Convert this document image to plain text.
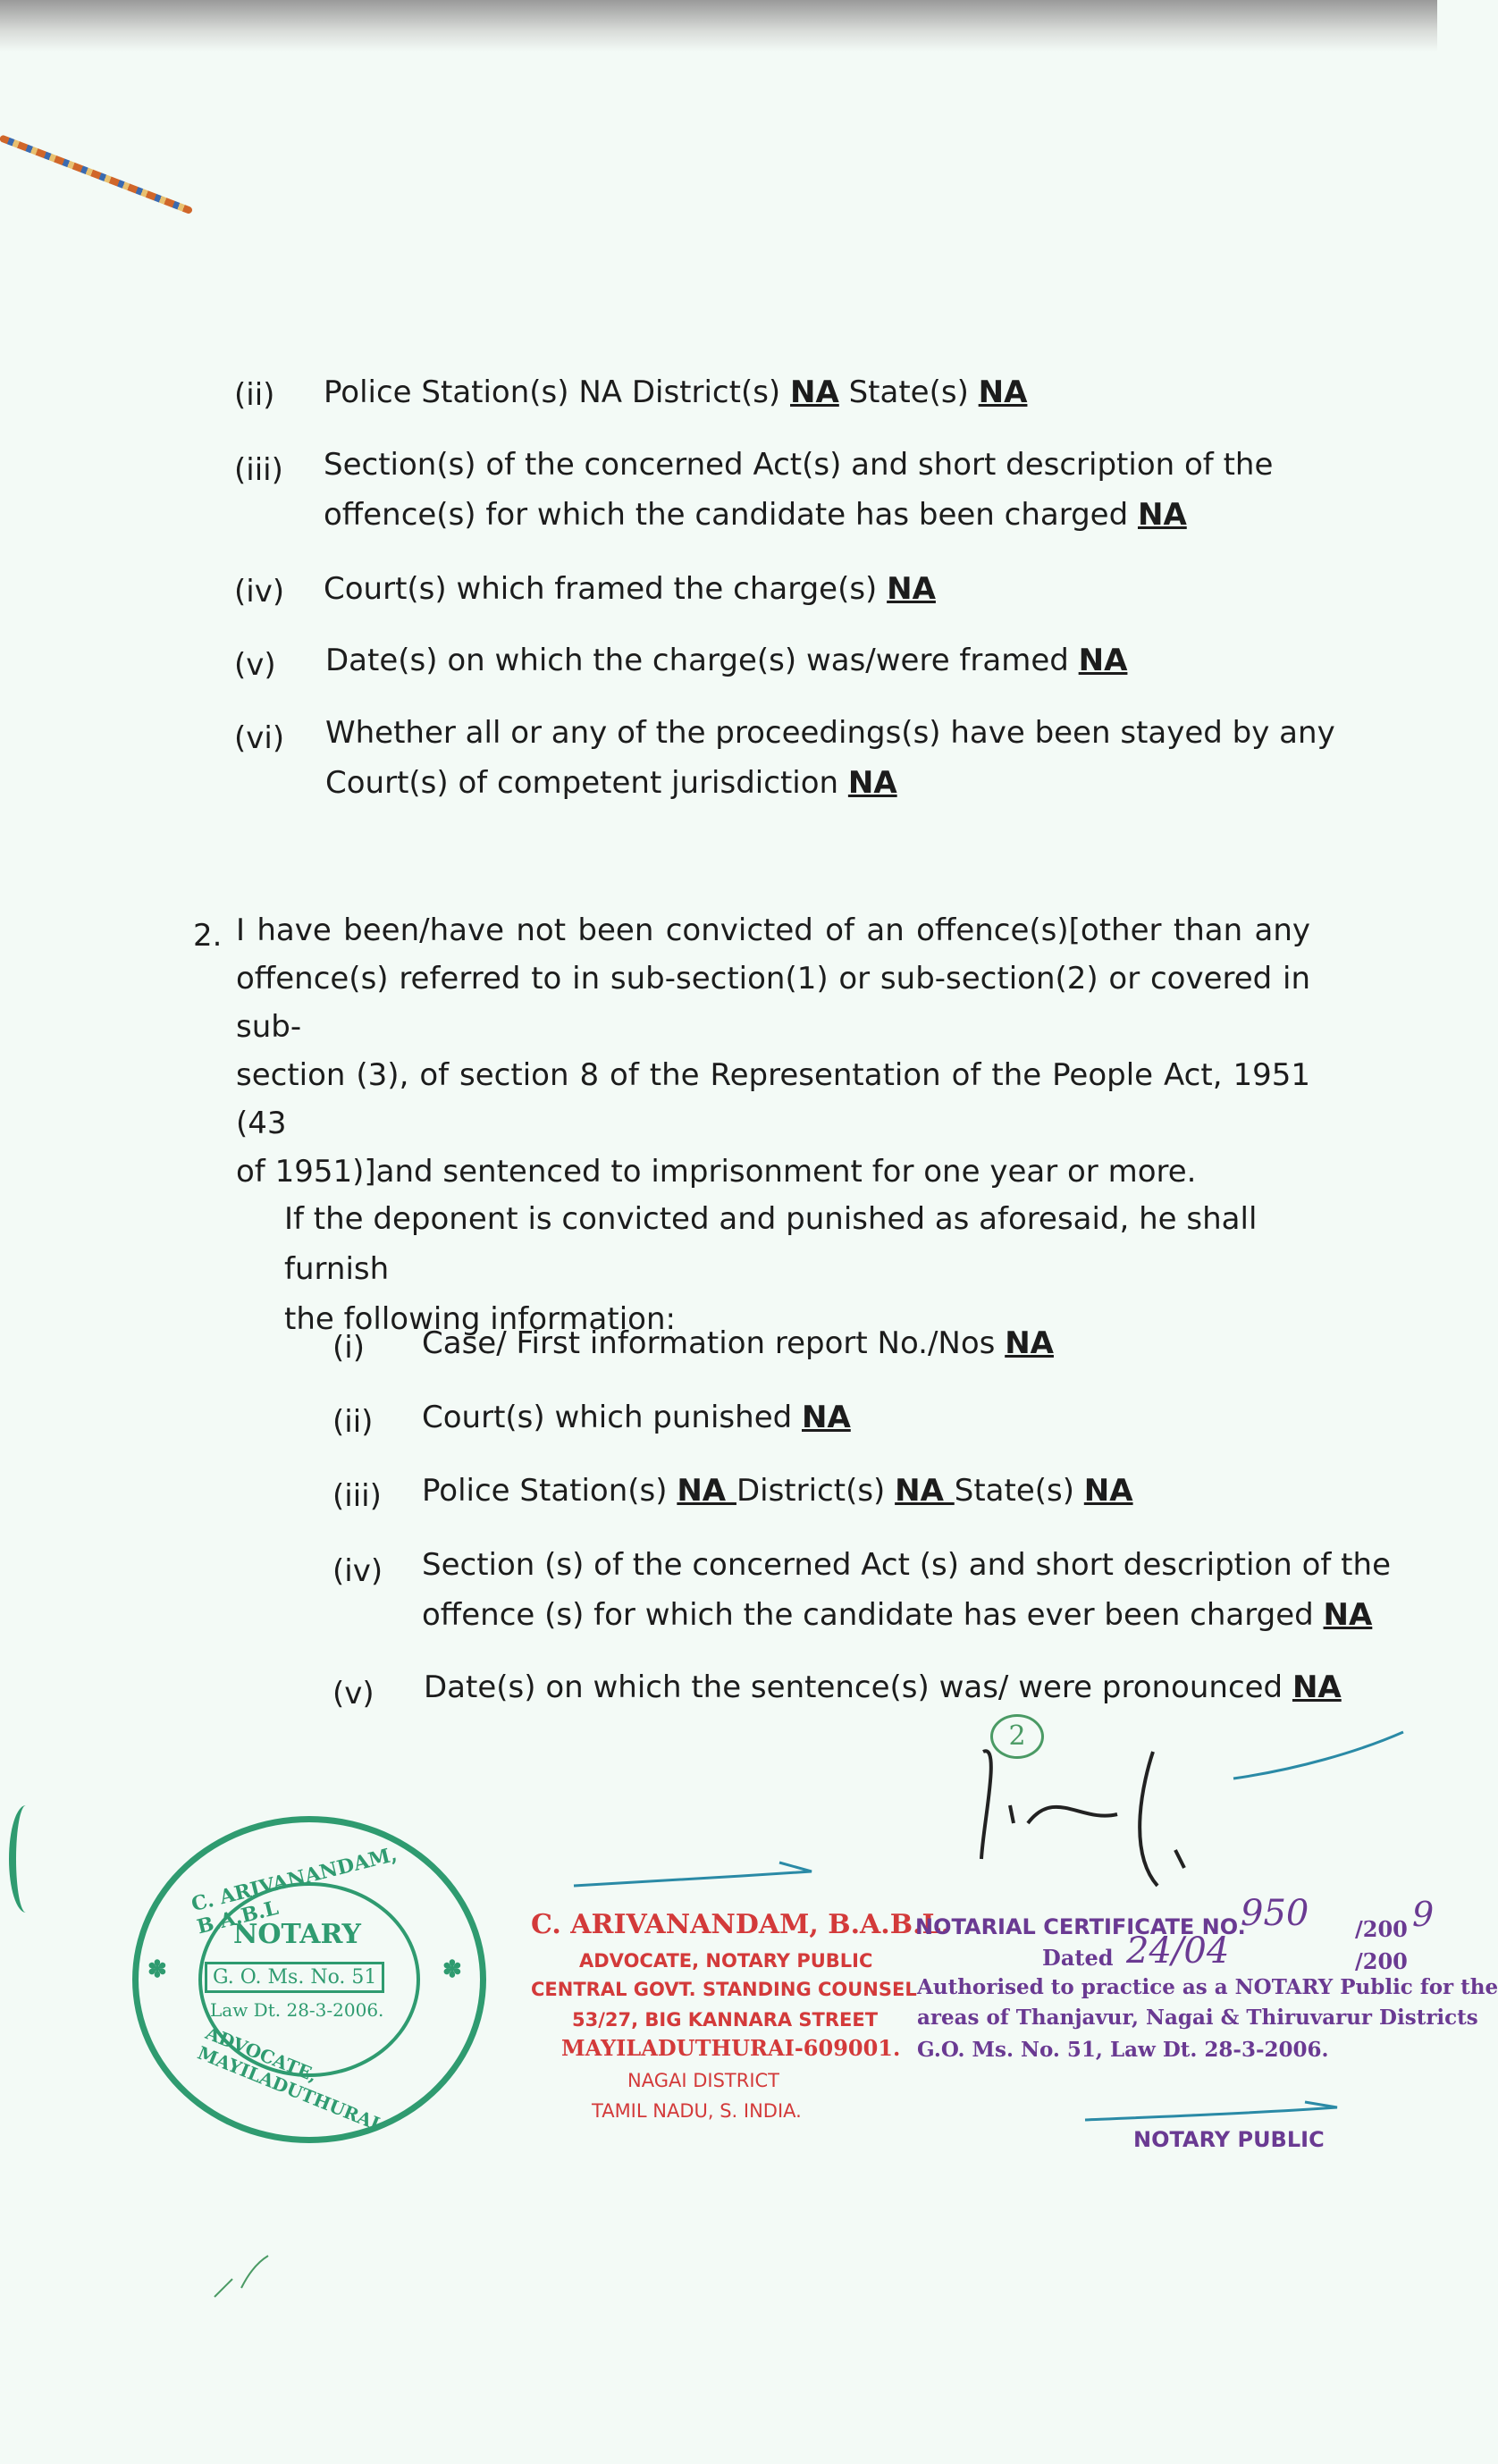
(ii) Police Station(s) NA District(s) NA State(s) NA
(iii) Section(s) of the concerned Act(s) and short description of the
offence(s) for which the candidate has been charged NA
(iv) Court(s) which framed the charge(s) NA
(v) Date(s) on which the charge(s) was/were framed NA
(vi) Whether all or any of the proceedings(s) have been stayed by any
Court(s) of competent jurisdiction NA
2. I have been/have not been convicted of an offence(s)[other than any
offence(s) referred to in sub-section(1) or sub-section(2) or covered in sub-
section (3), of section 8 of the Representation of the People Act, 1951 (43
of 1951)]and sentenced to imprisonment for one year or more.
If the deponent is convicted and punished as aforesaid, he shall furnish
the following information:
(i) Case/ First information report No./Nos NA
(ii) Court(s) which punished NA
(iii) Police Station(s) NA District(s) NA State(s) NA
(iv) Section (s) of the concerned Act (s) and short description of the
offence (s) for which the candidate has ever been charged NA
(v) Date(s) on which the sentence(s) was/ were pronounced NA
2
C. ARIVANANDAM, B.A.B.L
NOTARY
G. O. Ms. No. 51
Law Dt. 28-3-2006.
ADVOCATE, MAYILADUTHURAI
✽	✽
C. ARIVANANDAM, B.A.B.L.
ADVOCATE, NOTARY PUBLIC
CENTRAL GOVT. STANDING COUNSEL
53/27, BIG KANNARA STREET
MAYILADUTHURAI-609001.
NAGAI DISTRICT
TAMIL NADU, S. INDIA.
NOTARIAL CERTIFICATE NO.
950 /200 9
Dated 24/04	/200
Authorised to practice as a NOTARY Public for the
areas of Thanjavur, Nagai & Thiruvarur Districts
G.O. Ms. No. 51, Law Dt. 28-3-2006.
NOTARY PUBLIC
